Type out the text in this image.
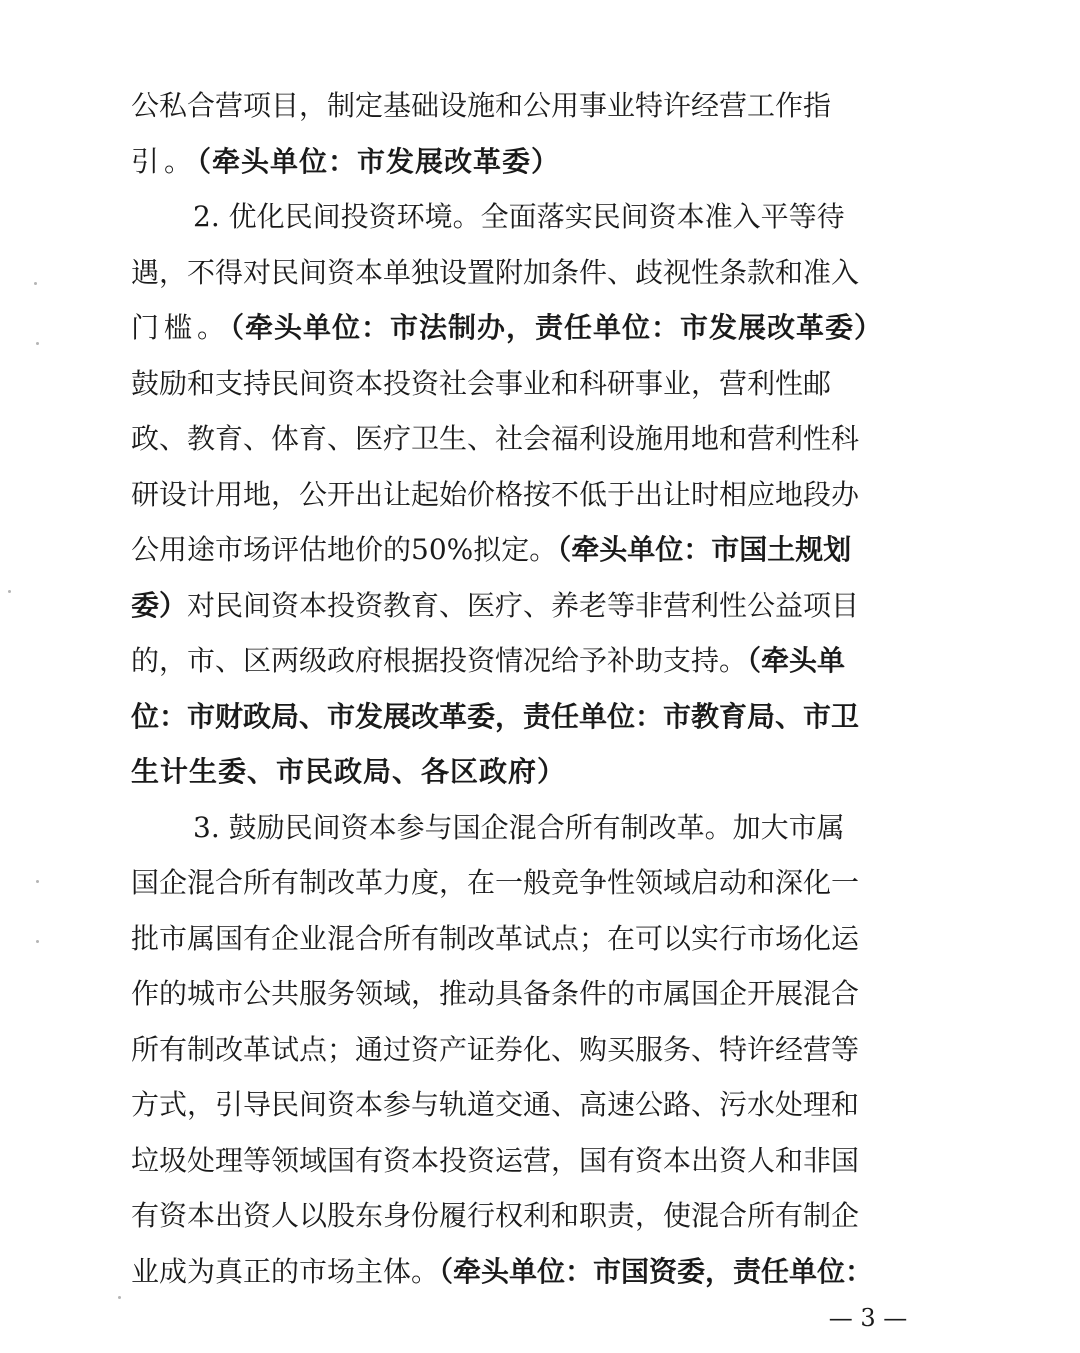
公私合营项目，制定基础设施和公用事业特许经营工作指
引。（牵头单位：市发展改革委）
2. 优化民间投资环境。全面落实民间资本准入平等待
遇，不得对民间资本单独设置附加条件、歧视性条款和准入
门槛。（牵头单位：市法制办，责任单位：市发展改革委）
鼓励和支持民间资本投资社会事业和科研事业，营利性邮
政、教育、体育、医疗卫生、社会福利设施用地和营利性科
研设计用地，公开出让起始价格按不低于出让时相应地段办
公用途市场评估地价的50%拟定。（牵头单位：市国土规划
委）对民间资本投资教育、医疗、养老等非营利性公益项目
的，市、区两级政府根据投资情况给予补助支持。（牵头单
位：市财政局、市发展改革委，责任单位：市教育局、市卫
生计生委、市民政局、各区政府）
3. 鼓励民间资本参与国企混合所有制改革。加大市属
国企混合所有制改革力度，在一般竞争性领域启动和深化一
批市属国有企业混合所有制改革试点；在可以实行市场化运
作的城市公共服务领域，推动具备条件的市属国企开展混合
所有制改革试点；通过资产证券化、购买服务、特许经营等
方式，引导民间资本参与轨道交通、高速公路、污水处理和
垃圾处理等领域国有资本投资运营，国有资本出资人和非国
有资本出资人以股东身份履行权利和职责，使混合所有制企
业成为真正的市场主体。（牵头单位：市国资委，责任单位：
— 3 —
